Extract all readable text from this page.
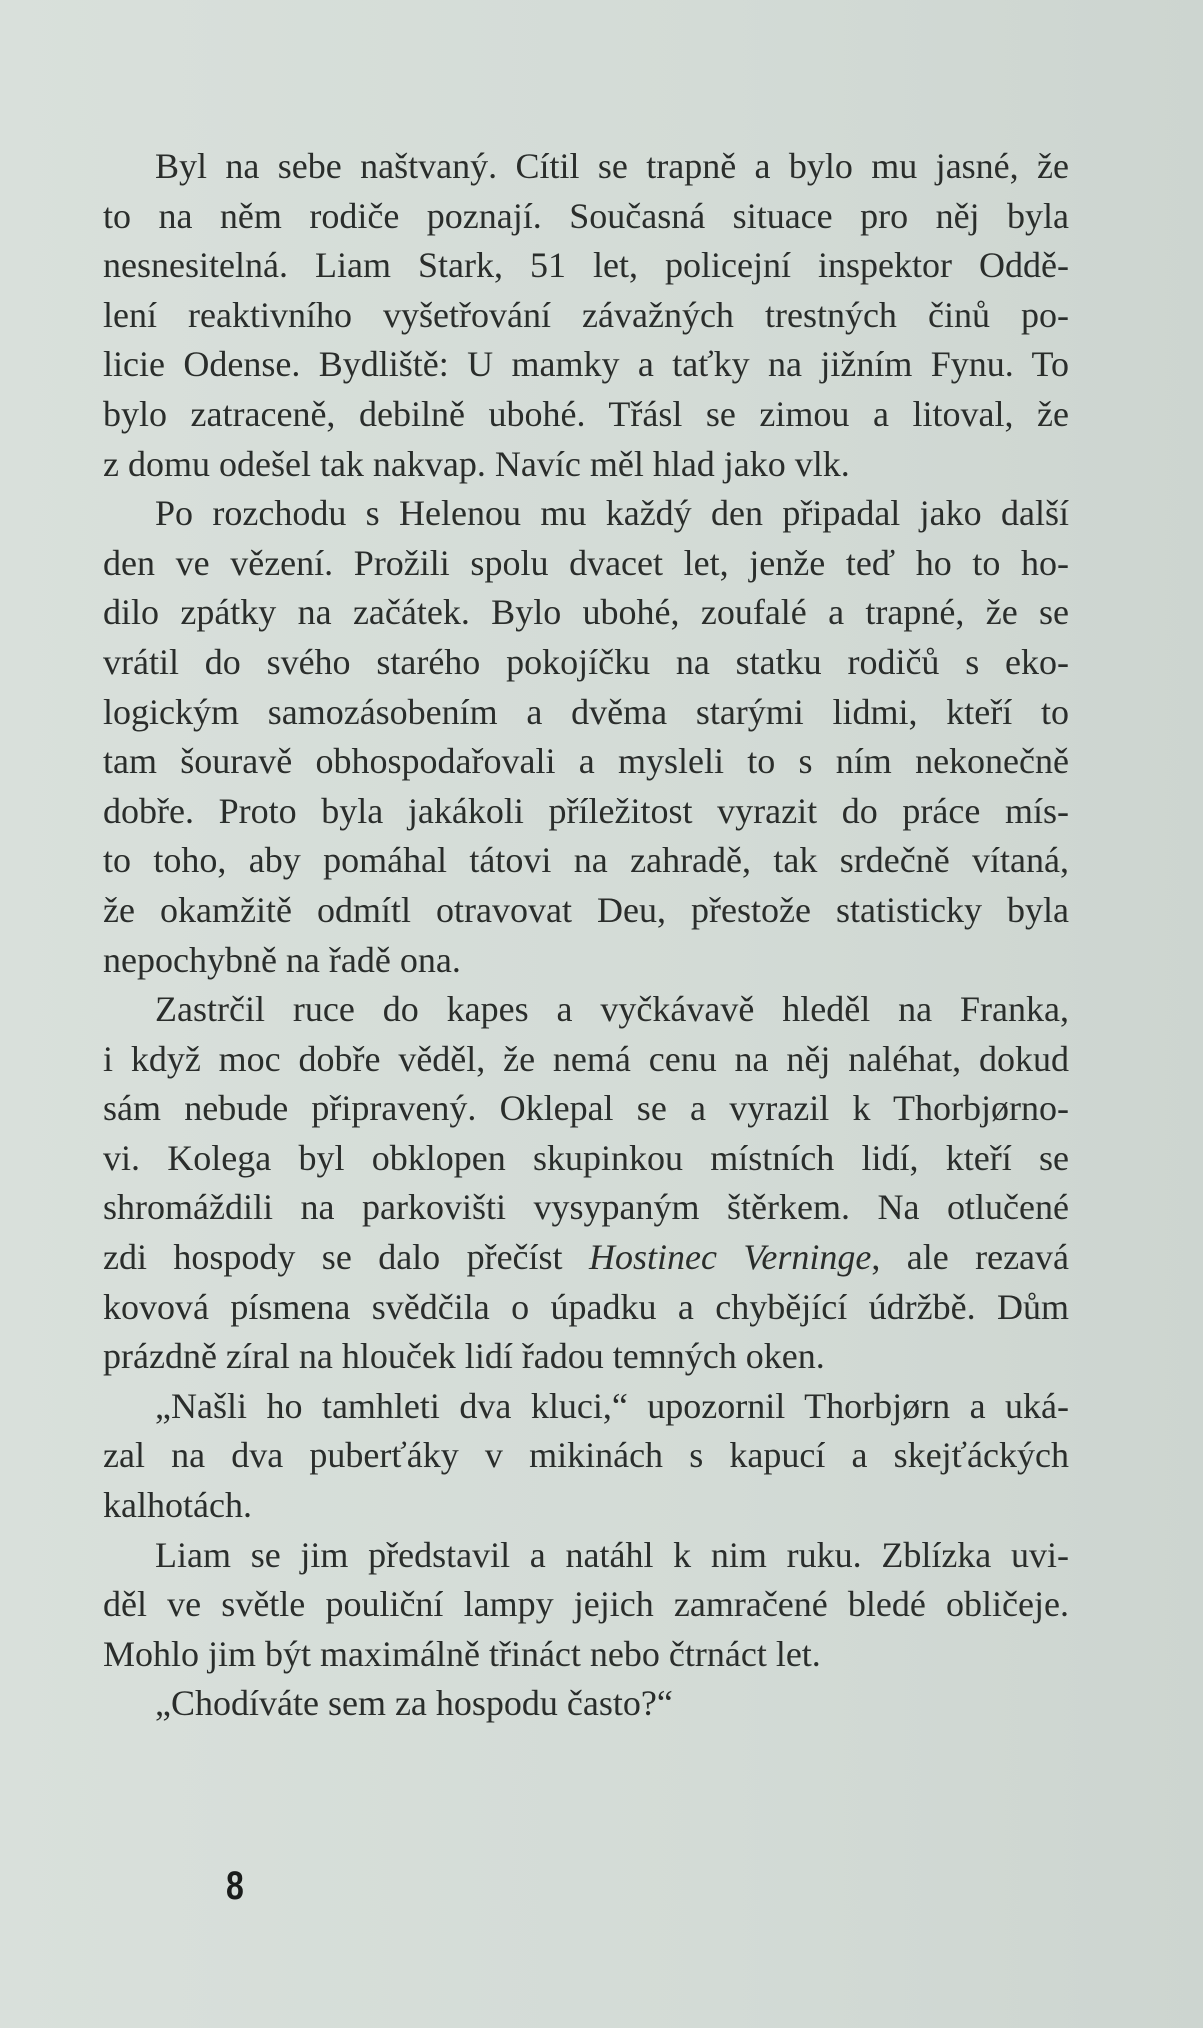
Byl na sebe naštvaný. Cítil se trapně a bylo mu jasné, že
to na něm rodiče poznají. Současná situace pro něj byla
nesnesitelná. Liam Stark, 51 let, policejní inspektor Oddě-
lení reaktivního vyšetřování závažných trestných činů po-
licie Odense. Bydliště: U mamky a taťky na jižním Fynu. To
bylo zatraceně, debilně ubohé. Třásl se zimou a litoval, že
z domu odešel tak nakvap. Navíc měl hlad jako vlk.
Po rozchodu s Helenou mu každý den připadal jako další
den ve vězení. Prožili spolu dvacet let, jenže teď ho to ho-
dilo zpátky na začátek. Bylo ubohé, zoufalé a trapné, že se
vrátil do svého starého pokojíčku na statku rodičů s eko-
logickým samozásobením a dvěma starými lidmi, kteří to
tam šouravě obhospodařovali a mysleli to s ním nekonečně
dobře. Proto byla jakákoli příležitost vyrazit do práce mís-
to toho, aby pomáhal tátovi na zahradě, tak srdečně vítaná,
že okamžitě odmítl otravovat Deu, přestože statisticky byla
nepochybně na řadě ona.
Zastrčil ruce do kapes a vyčkávavě hleděl na Franka,
i když moc dobře věděl, že nemá cenu na něj naléhat, dokud
sám nebude připravený. Oklepal se a vyrazil k Thorbjørno-
vi. Kolega byl obklopen skupinkou místních lidí, kteří se
shromáždili na parkovišti vysypaným štěrkem. Na otlučené
zdi hospody se dalo přečíst Hostinec Verninge, ale rezavá
kovová písmena svědčila o úpadku a chybějící údržbě. Dům
prázdně zíral na hlouček lidí řadou temných oken.
„Našli ho tamhleti dva kluci,“ upozornil Thorbjørn a uká-
zal na dva puberťáky v mikinách s kapucí a skejťáckých
kalhotách.
Liam se jim představil a natáhl k nim ruku. Zblízka uvi-
děl ve světle pouliční lampy jejich zamračené bledé obličeje.
Mohlo jim být maximálně třináct nebo čtrnáct let.
„Chodíváte sem za hospodu často?“
8
